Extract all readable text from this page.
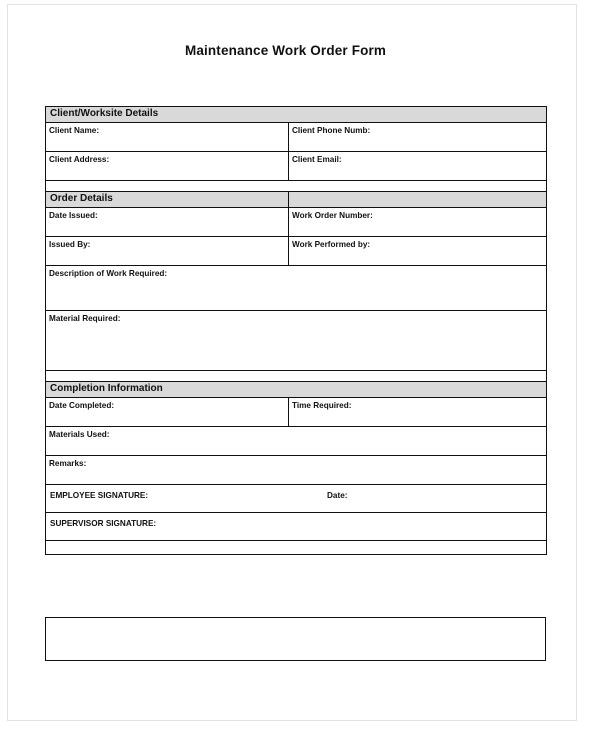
Maintenance Work Order Form
Client/Worksite Details	

Client Name:	Client Phone Numb:

Client Address:	Client Email:

Order Details	

Date Issued:	Work Order Number:

Issued By:	Work Performed by:

Description of Work Required:	

Material Required:	

Completion Information	

Date Completed:	Time Required:

Materials Used:	

Remarks:	

EMPLOYEE SIGNATURE: Date:	

SUPERVISOR SIGNATURE:	
